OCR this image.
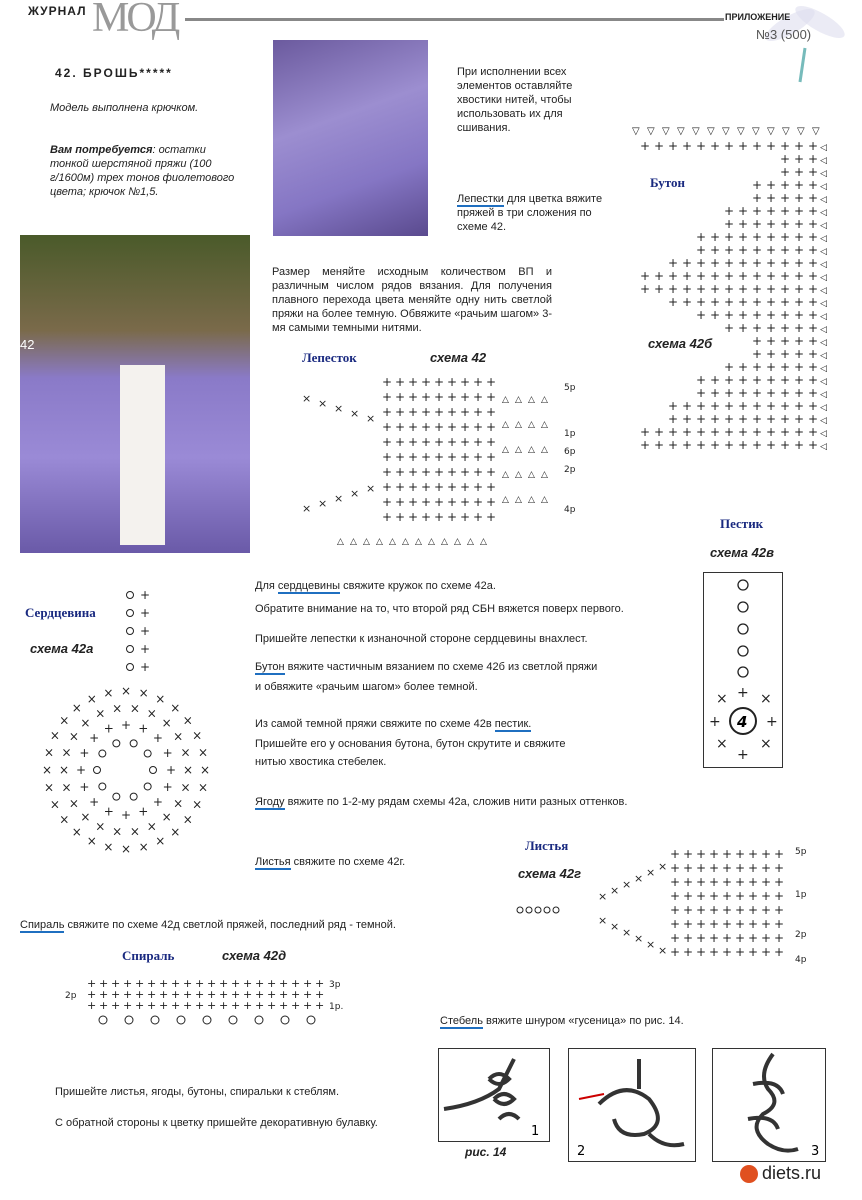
ЖУРНАЛ МОД	ПРИЛОЖЕНИЕ
№3 (500)
42. БРОШЬ*****
Модель выполнена крючком.
Вам потребуется: остатки тонкой шерстяной пряжи (100 г/1600м) трех тонов фиолетового цвета; крючок №1,5.
42
При исполнении всех элементов оставляйте хвостики нитей, чтобы использовать их для сшивания.
Лепестки для цветка вяжите пряжей в три сложения по схеме 42.
Размер меняйте исходным количеством ВП и различным числом рядов вязания. Для получения плавного перехода цвета меняйте одну нить светлой пряжи на более темную. Обвяжите «рачьим шагом» 3-мя самыми темными нитями.
Бутон
схема 42б
▽ ▽ ▽ ▽ ▽ ▽ ▽ ▽ ▽ ▽ ▽ ▽ ▽
+
+
+
+
+
+
+
+
+
+
+
+
+	◁
+
+
+	◁
+
+
+	◁
+
+
+
+
+	◁
+
+
+
+
+	◁
+
+
+
+
+
+
+	◁
+
+
+
+
+
+
+	◁
+
+
+
+
+
+
+
+
+	◁
+
+
+
+
+
+
+
+
+	◁
+
+
+
+
+
+
+
+
+
+
+	◁
+
+
+
+
+
+
+
+
+
+
+
+
+	◁
+
+
+
+
+
+
+
+
+
+
+
+
+	◁
+
+
+
+
+
+
+
+
+
+
+	◁
+
+
+
+
+
+
+
+
+	◁
+
+
+
+
+
+
+	◁
+
+
+
+
+	◁
+
+
+
+
+	◁
+
+
+
+
+
+
+	◁
+
+
+
+
+
+
+
+
+	◁
+
+
+
+
+
+
+
+
+	◁
+
+
+
+
+
+
+
+
+
+
+	◁
+
+
+
+
+
+
+
+
+
+
+	◁
+
+
+
+
+
+
+
+
+
+
+
+
+	◁
+
+
+
+
+
+
+
+
+
+
+
+
+	◁
Лепесток	схема 42
+ + + + + + + + +
+ + + + + + + + +
+ + + + + + + + +
+ + + + + + + + +
+ + + + + + + + +
+ + + + + + + + +
+ + + + + + + + +
+ + + + + + + + +
+ + + + + + + + +
+ + + + + + + + +
△ △ △ △ △ △ △ △ △ △ △ △
×
×
×
×
×
×
×
×
×
×
△ △ △ △
△ △ △ △
△ △ △ △
△ △ △ △
△ △ △ △
5р
1р
6р
2р
4р
Пестик
схема 42в
4
+
+	+
× ×
× ×
+
Сердцевина
схема 42а
+
+
+
+
+
+
+
+
+
+
+
+
+
+
+
+
+ + +
+
+
×
×
×
×
×
×
×
×
×
×
×
×
×
×
×
× × × ×
×
×
×
×
×
×
×
×
×
×
×
×
×
×
×
×
×
×
×
×
×
×
× × × × ×
×
×
×
×
Для сердцевины свяжите кружок по схеме 42а.
Обратите внимание на то, что второй ряд СБН вяжется поверх первого.
Пришейте лепестки к изнаночной стороне сердцевины внахлест.
Бутон вяжите частичным вязанием по схеме 42б из светлой пряжи
и обвяжите «рачьим шагом» более темной.
Из самой темной пряжи свяжите по схеме 42в пестик.
Пришейте его у основания бутона, бутон скрутите и свяжите
нитью хвостика стебелек.
Ягоду вяжите по 1-2-му рядам схемы 42а, сложив нити разных оттенков.
Листья свяжите по схеме 42г.
Спираль свяжите по схеме 42д светлой пряжей, последний ряд - темной.
Стебель вяжите шнуром «гусеница» по рис. 14.
Пришейте листья, ягоды, бутоны, спиральки к стеблям.
С обратной стороны к цветку пришейте декоративную булавку.
Листья
схема 42г
+ + + + + + + + +
+ + + + + + + + +
+ + + + + + + + +
+ + + + + + + + +
+ + + + + + + + +
+ + + + + + + + +
+ + + + + + + + +
+ + + + + + + + +
×
×
×
×
×
×
×
×
×
×
×
×
5р
1р
2р
4р
Спираль	схема 42д
+ + + + + + + + + + + + + + + + + + + +
+ + + + + + + + + + + + + + + + + + + +
+ + + + + + + + + + + + + + + + + + + +
3р
2р
1р.
1
2	3
рис. 14
diets.ru
